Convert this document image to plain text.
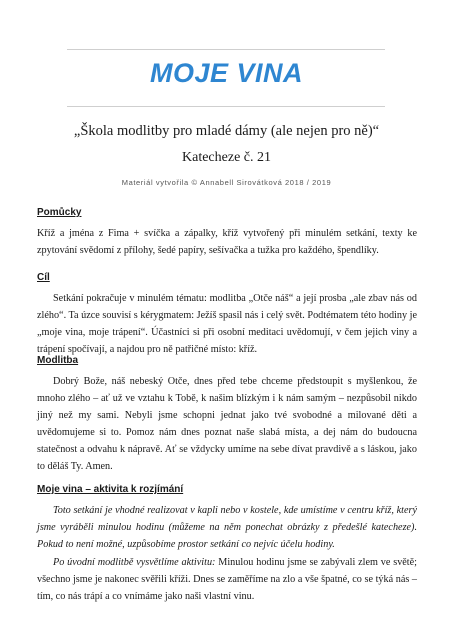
MOJE VINA
„Škola modlitby pro mladé dámy (ale nejen pro ně)“
Katecheze č. 21
Materiál vytvořila © Annabell Sirovátková 2018 / 2019
Pomůcky

Kříž a jména z Fima + svíčka a zápalky, kříž vytvořený při minulém setkání, texty ke zpytování svědomí z přílohy, šedé papíry, sešívačka a tužka pro každého, špendlíky.

Cíl

Setkání pokračuje v minulém tématu: modlitba „Otče náš“ a její prosba „ale zbav nás od zlého“. Ta úzce souvisí s kérygmatem: Ježíš spasil nás i celý svět. Podtématem této hodiny je „moje vina, moje trápení“. Účastníci si při osobní meditaci uvědomují, v čem jejich viny a trápení spočívají, a najdou pro ně patřičné místo: kříž.

Modlitba

Dobrý Bože, náš nebeský Otče, dnes před tebe chceme předstoupit s myšlenkou, že mnoho zlého – ať už ve vztahu k Tobě, k našim blízkým i k nám samým – nezpůsobil nikdo jiný než my sami. Nebyli jsme schopni jednat jako tvé svobodné a milované děti a uvědomujeme si to. Pomoz nám dnes poznat naše slabá místa, a dej nám do budoucna statečnost a odvahu k nápravě. Ať se vždycky umíme na sebe dívat pravdivě a s láskou, jako to děláš Ty. Amen.

Moje vina – aktivita k rozjímání

Toto setkání je vhodné realizovat v kapli nebo v kostele, kde umístíme v centru kříž, který jsme vyráběli minulou hodinu (můžeme na něm ponechat obrázky z předešlé katecheze). Pokud to není možné, uzpůsobíme prostor setkání co nejvíc účelu hodiny.

Po úvodní modlitbě vysvětlíme aktivitu: Minulou hodinu jsme se zabývali zlem ve světě; všechno jsme je nakonec svěřili kříži. Dnes se zaměříme na zlo a vše špatné, co se týká nás – tím, co nás trápí a co vnímáme jako naši vlastní vinu.
